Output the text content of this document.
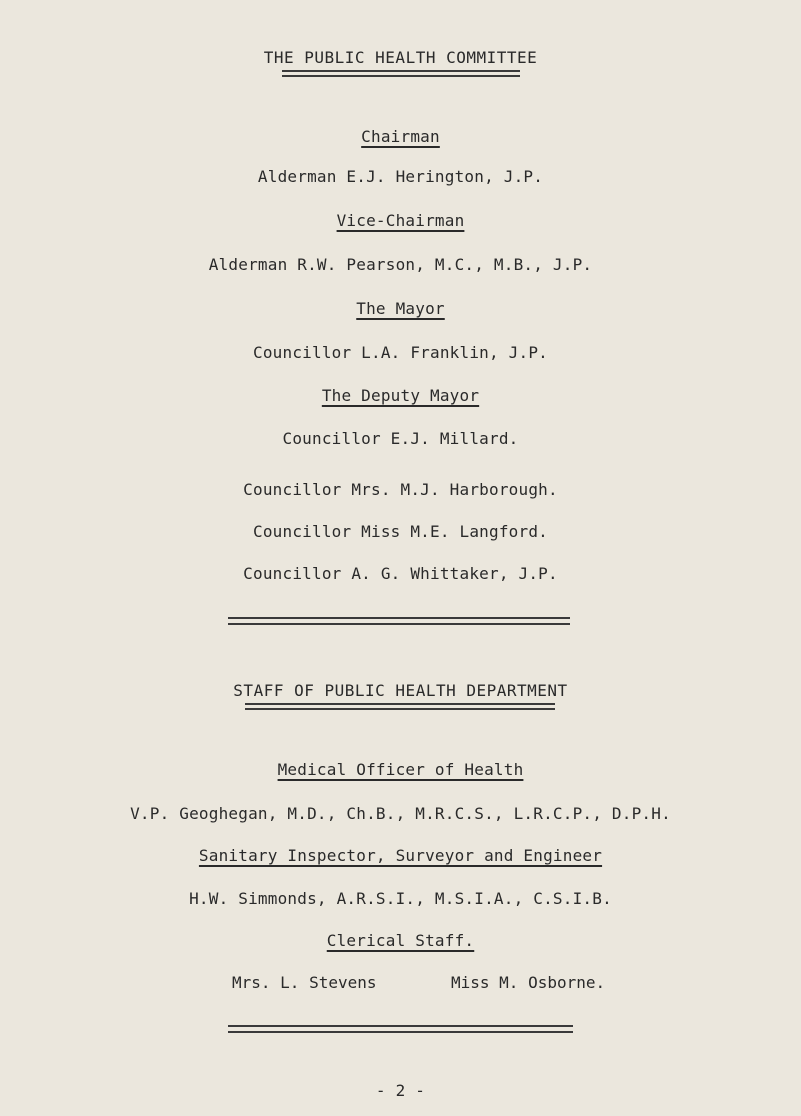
THE PUBLIC HEALTH COMMITTEE
Chairman
Alderman E.J. Herington, J.P.
Vice-Chairman
Alderman R.W. Pearson, M.C., M.B., J.P.
The Mayor
Councillor L.A. Franklin, J.P.
The Deputy Mayor
Councillor E.J. Millard.
Councillor Mrs. M.J. Harborough.
Councillor Miss M.E. Langford.
Councillor A. G. Whittaker, J.P.
STAFF OF PUBLIC HEALTH DEPARTMENT
Medical Officer of Health
V.P. Geoghegan, M.D., Ch.B., M.R.C.S., L.R.C.P., D.P.H.
Sanitary Inspector, Surveyor and Engineer
H.W. Simmonds, A.R.S.I., M.S.I.A., C.S.I.B.
Clerical Staff.
Mrs. L. Stevens	Miss M. Osborne.
- 2 -
